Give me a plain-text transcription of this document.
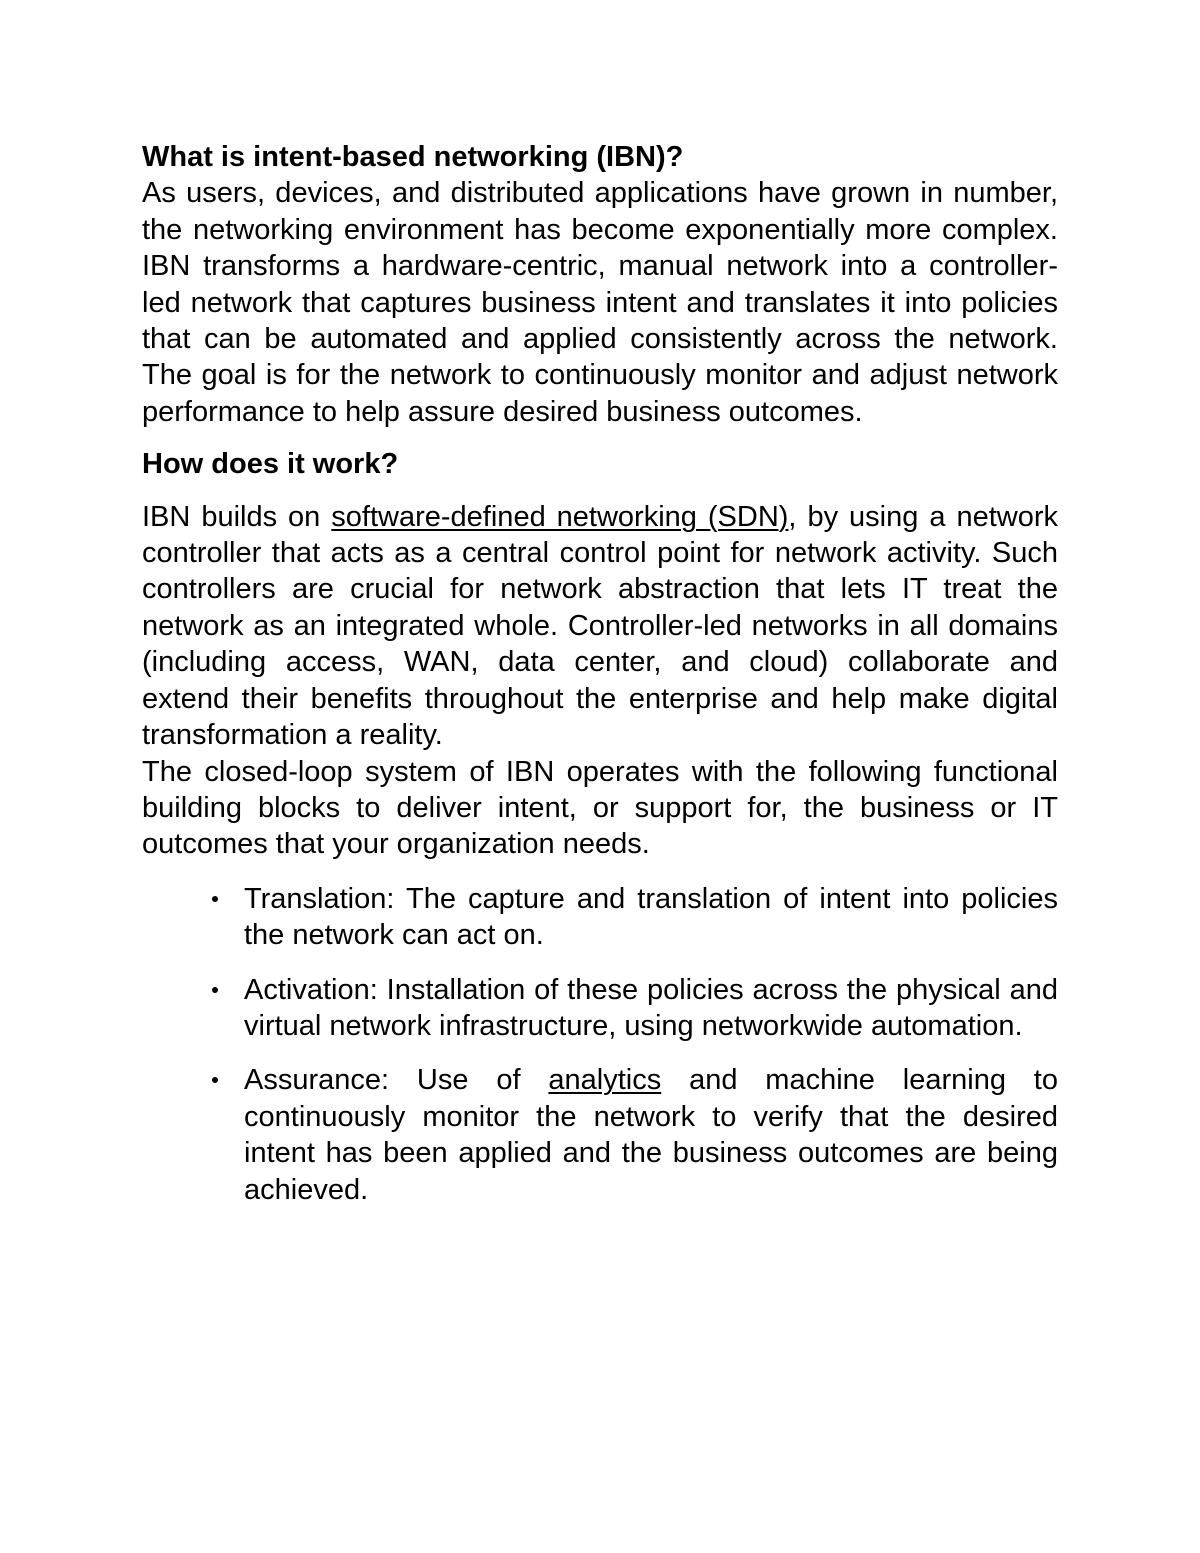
What is intent-based networking (IBN)?

As users, devices, and distributed applications have grown in number, the networking environment has become exponentially more complex. IBN transforms a hardware-centric, manual network into a controller-led network that captures business intent and translates it into policies that can be automated and applied consistently across the network. The goal is for the network to continuously monitor and adjust network performance to help assure desired business outcomes.

How does it work?

IBN builds on software-defined networking (SDN), by using a network controller that acts as a central control point for network activity. Such controllers are crucial for network abstraction that lets IT treat the network as an integrated whole. Controller-led networks in all domains (including access, WAN, data center, and cloud) collaborate and extend their benefits throughout the enterprise and help make digital transformation a reality.

The closed-loop system of IBN operates with the following functional building blocks to deliver intent, or support for, the business or IT outcomes that your organization needs.

Translation: The capture and translation of intent into policies the network can act on.
Activation: Installation of these policies across the physical and virtual network infrastructure, using networkwide automation.
Assurance: Use of analytics and machine learning to continuously monitor the network to verify that the desired intent has been applied and the business outcomes are being achieved.
